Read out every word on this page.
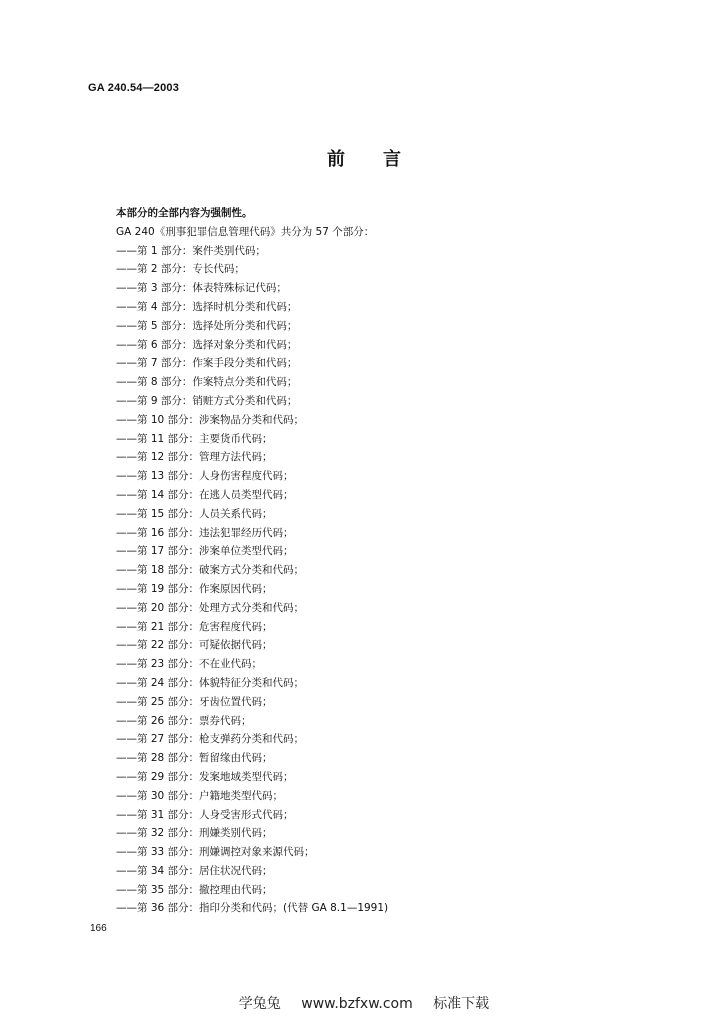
GA 240.54—2003
前 言
本部分的全部内容为强制性。
GA 240《刑事犯罪信息管理代码》共分为 57 个部分：
——第 1 部分：案件类别代码；
——第 2 部分：专长代码；
——第 3 部分：体表特殊标记代码；
——第 4 部分：选择时机分类和代码；
——第 5 部分：选择处所分类和代码；
——第 6 部分：选择对象分类和代码；
——第 7 部分：作案手段分类和代码；
——第 8 部分：作案特点分类和代码；
——第 9 部分：销赃方式分类和代码；
——第 10 部分：涉案物品分类和代码；
——第 11 部分：主要货币代码；
——第 12 部分：管理方法代码；
——第 13 部分：人身伤害程度代码；
——第 14 部分：在逃人员类型代码；
——第 15 部分：人员关系代码；
——第 16 部分：违法犯罪经历代码；
——第 17 部分：涉案单位类型代码；
——第 18 部分：破案方式分类和代码；
——第 19 部分：作案原因代码；
——第 20 部分：处理方式分类和代码；
——第 21 部分：危害程度代码；
——第 22 部分：可疑依据代码；
——第 23 部分：不在业代码；
——第 24 部分：体貌特征分类和代码；
——第 25 部分：牙齿位置代码；
——第 26 部分：票券代码；
——第 27 部分：枪支弹药分类和代码；
——第 28 部分：暂留缘由代码；
——第 29 部分：发案地域类型代码；
——第 30 部分：户籍地类型代码；
——第 31 部分：人身受害形式代码；
——第 32 部分：刑嫌类别代码；
——第 33 部分：刑嫌调控对象来源代码；
——第 34 部分：居住状况代码；
——第 35 部分：撤控理由代码；
——第 36 部分：指印分类和代码；(代替 GA 8.1—1991)
166
学兔兔 www.bzfxw.com 标准下载
